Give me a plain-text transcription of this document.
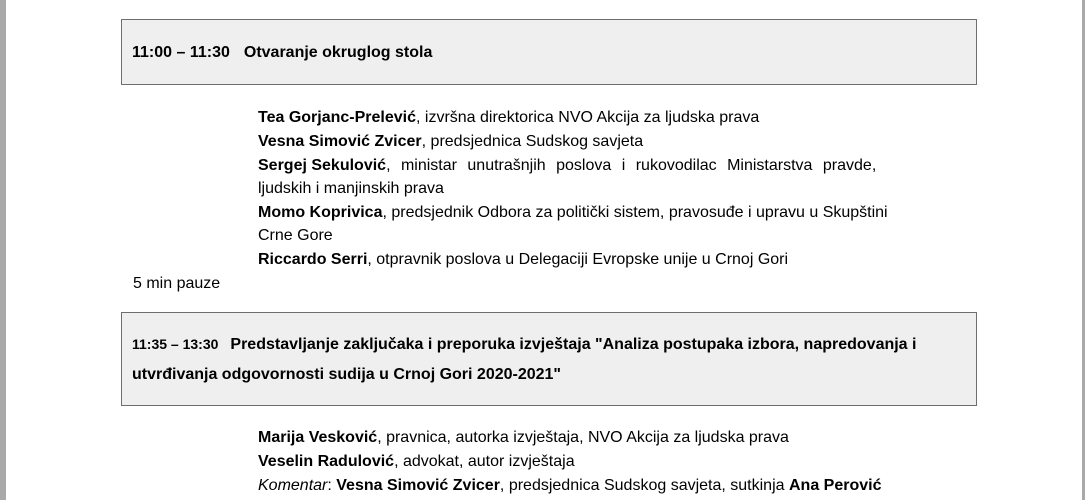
11:00 – 11:30 Otvaranje okruglog stola
Tea Gorjanc-Prelević, izvršna direktorica NVO Akcija za ljudska prava
Vesna Simović Zvicer, predsjednica Sudskog savjeta
Sergej Sekulović, ministar unutrašnjih poslova i rukovodilac Ministarstva pravde,
ljudskih i manjinskih prava
Momo Koprivica, predsjednik Odbora za politički sistem, pravosuđe i upravu u Skupštini
Crne Gore
Riccardo Serri, otpravnik poslova u Delegaciji Evropske unije u Crnoj Gori
5 min pauze
11:35 – 13:30 Predstavljanje zaključaka i preporuka izvještaja "Analiza postupaka izbora, napredovanja i
utvrđivanja odgovornosti sudija u Crnoj Gori 2020-2021"
Marija Vesković, pravnica, autorka izvještaja, NVO Akcija za ljudska prava
Veselin Radulović, advokat, autor izvještaja
Komentar: Vesna Simović Zvicer, predsjednica Sudskog savjeta, sutkinja Ana Perović
